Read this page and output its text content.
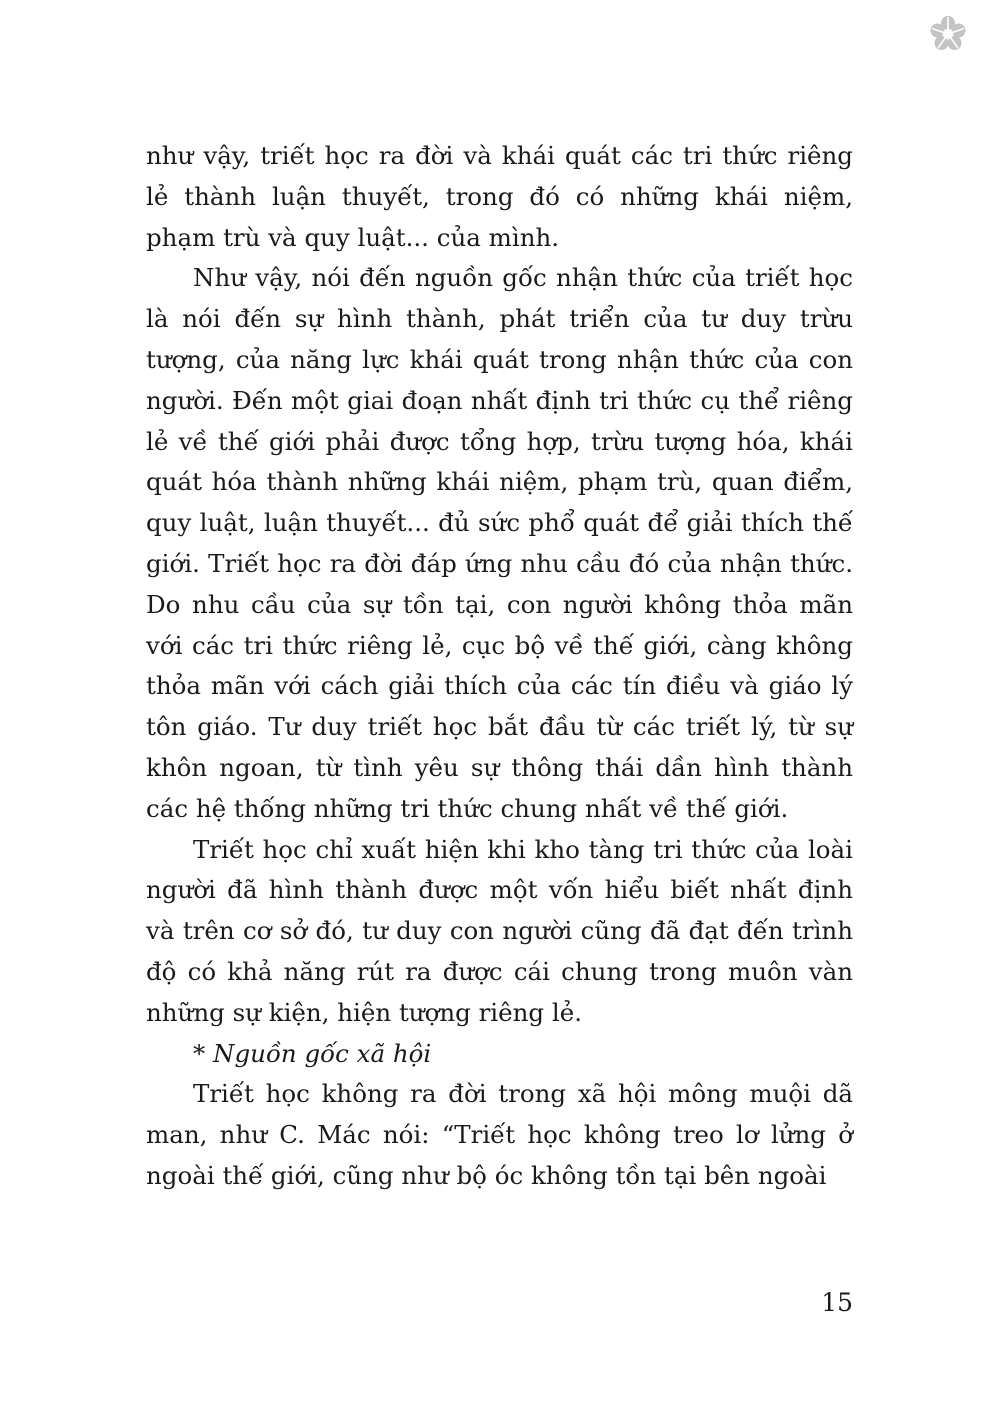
như vậy, triết học ra đời và khái quát các tri thức riêng lẻ thành luận thuyết, trong đó có những khái niệm, phạm trù và quy luật... của mình.

Như vậy, nói đến nguồn gốc nhận thức của triết học là nói đến sự hình thành, phát triển của tư duy trừu tượng, của năng lực khái quát trong nhận thức của con người. Đến một giai đoạn nhất định tri thức cụ thể riêng lẻ về thế giới phải được tổng hợp, trừu tượng hóa, khái quát hóa thành những khái niệm, phạm trù, quan điểm, quy luật, luận thuyết... đủ sức phổ quát để giải thích thế giới. Triết học ra đời đáp ứng nhu cầu đó của nhận thức. Do nhu cầu của sự tồn tại, con người không thỏa mãn với các tri thức riêng lẻ, cục bộ về thế giới, càng không thỏa mãn với cách giải thích của các tín điều và giáo lý tôn giáo. Tư duy triết học bắt đầu từ các triết lý, từ sự khôn ngoan, từ tình yêu sự thông thái dần hình thành các hệ thống những tri thức chung nhất về thế giới.

Triết học chỉ xuất hiện khi kho tàng tri thức của loài người đã hình thành được một vốn hiểu biết nhất định và trên cơ sở đó, tư duy con người cũng đã đạt đến trình độ có khả năng rút ra được cái chung trong muôn vàn những sự kiện, hiện tượng riêng lẻ.

* Nguồn gốc xã hội

Triết học không ra đời trong xã hội mông muội dã man, như C. Mác nói: “Triết học không treo lơ lửng ở ngoài thế giới, cũng như bộ óc không tồn tại bên ngoài

15
